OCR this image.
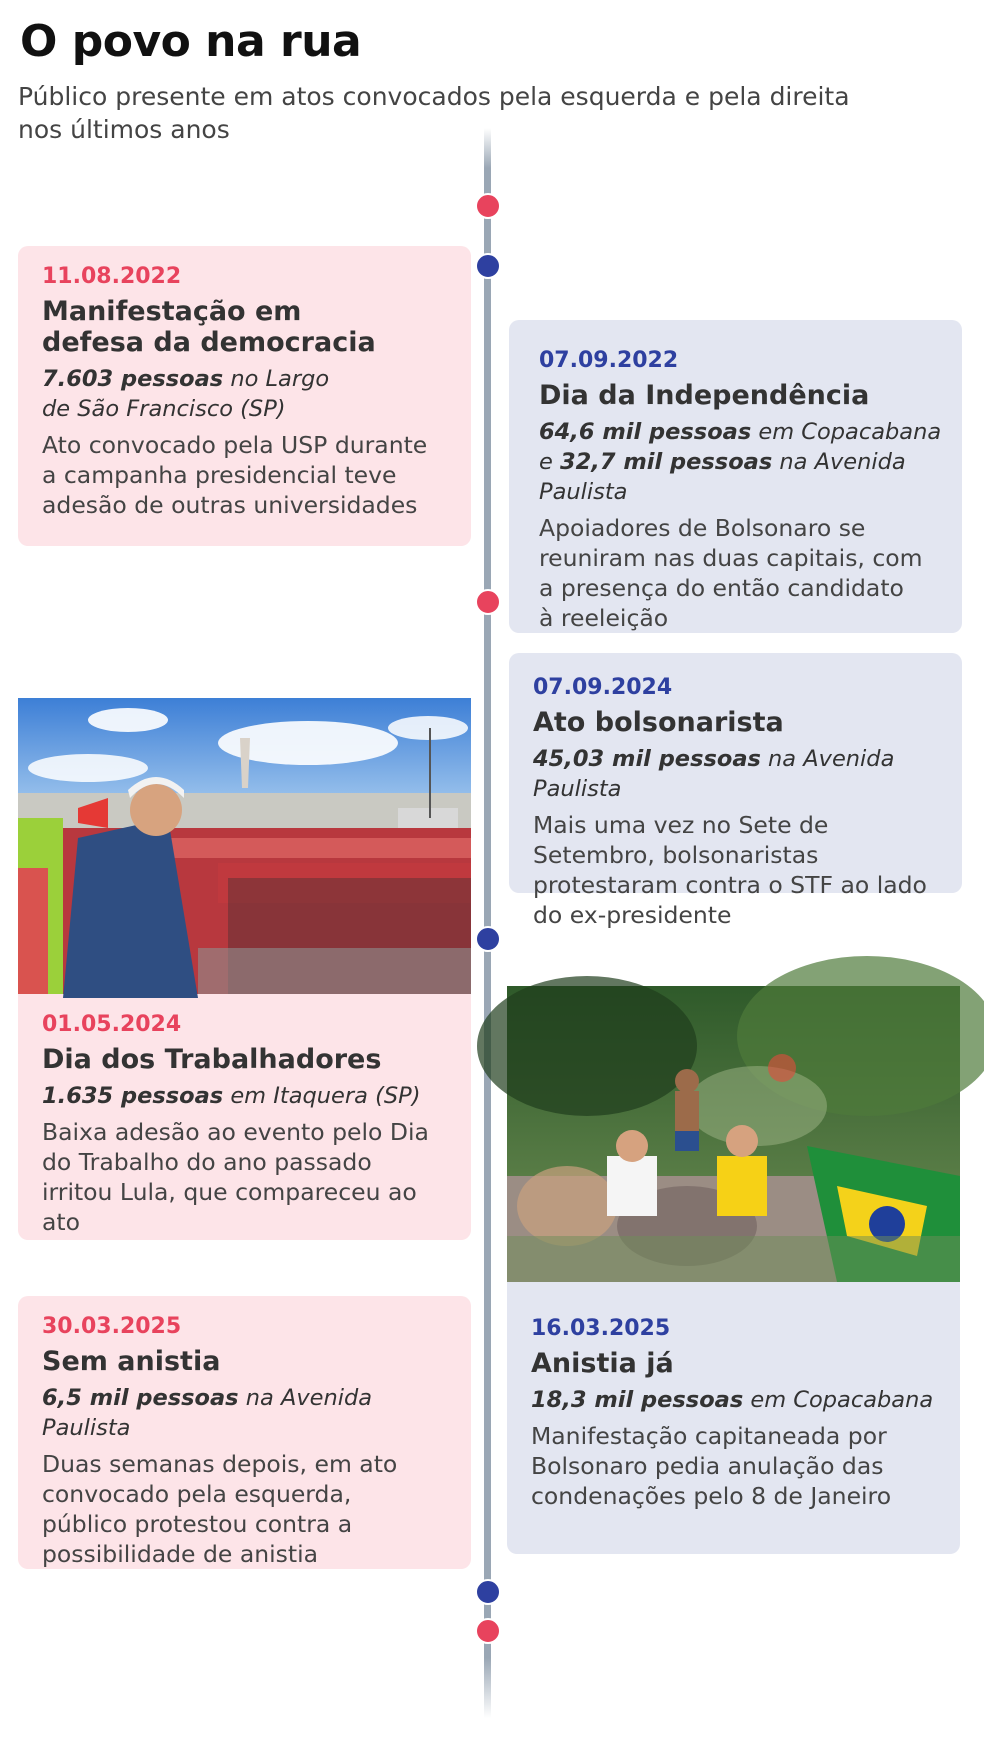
O povo na rua

Público presente em atos convocados pela esquerda e pela direita nos últimos anos

11.08.2022
Manifestação em defesa da democracia
7.603 pessoas no Largo de São Francisco (SP)
Ato convocado pela USP durante a campanha presidencial teve adesão de outras universidades
07.09.2022
Dia da Independência
64,6 mil pessoas em Copacabana e 32,7 mil pessoas na Avenida Paulista
Apoiadores de Bolsonaro se reuniram nas duas capitais, com a presença do então candidato à reeleição
01.05.2024
Dia dos Trabalhadores
1.635 pessoas em Itaquera (SP)
Baixa adesão ao evento pelo Dia do Trabalho do ano passado irritou Lula, que compareceu ao ato
07.09.2024
Ato bolsonarista
45,03 mil pessoas na Avenida Paulista
Mais uma vez no Sete de Setembro, bolsonaristas protestaram contra o STF ao lado do ex-presidente
16.03.2025
Anistia já
18,3 mil pessoas em Copacabana
Manifestação capitaneada por Bolsonaro pedia anulação das condenações pelo 8 de Janeiro
30.03.2025
Sem anistia
6,5 mil pessoas na Avenida Paulista
Duas semanas depois, em ato convocado pela esquerda, público protestou contra a possibilidade de anistia
